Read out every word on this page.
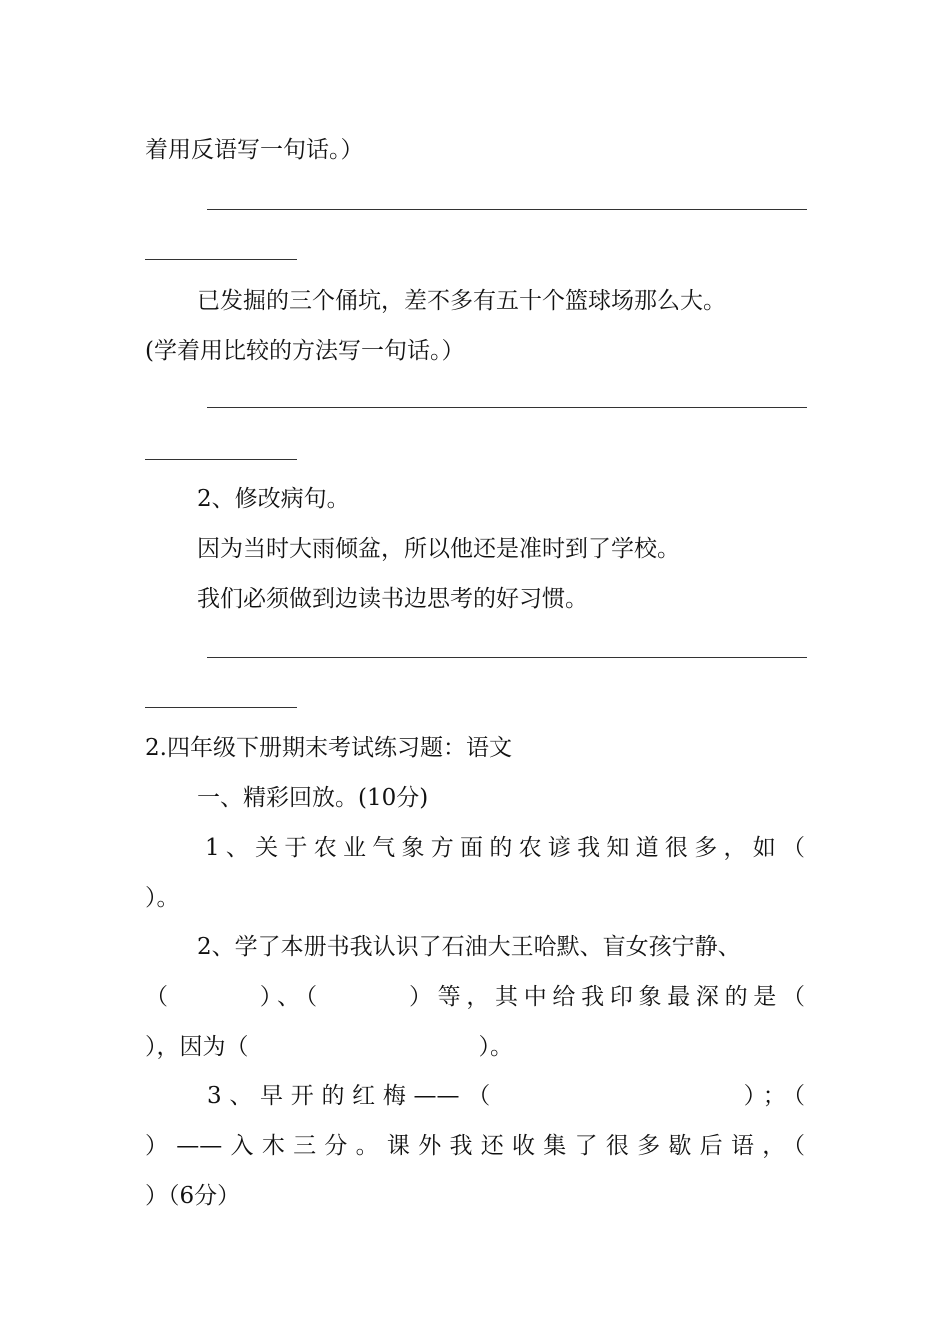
着用反语写一句话。）
已发掘的三个俑坑，差不多有五十个篮球场那么大。
(学着用比较的方法写一句话。）
2、修改病句。
因为当时大雨倾盆，所以他还是准时到了学校。
我们必须做到边读书边思考的好习惯。
2.四年级下册期末考试练习题：语文
一、精彩回放。(10分)
1、关于农业气象方面的农谚我知道很多，如（
）。
2、学了本册书我认识了石油大王哈默、盲女孩宁静、
（　　　）、（　　　）等，其中给我印象最深的是（
），因为（　　　　　　　　　　）。
3、早开的红梅——（　　　　　　　　）；（
）——入木三分。课外我还收集了很多歇后语，（
）（6分）
